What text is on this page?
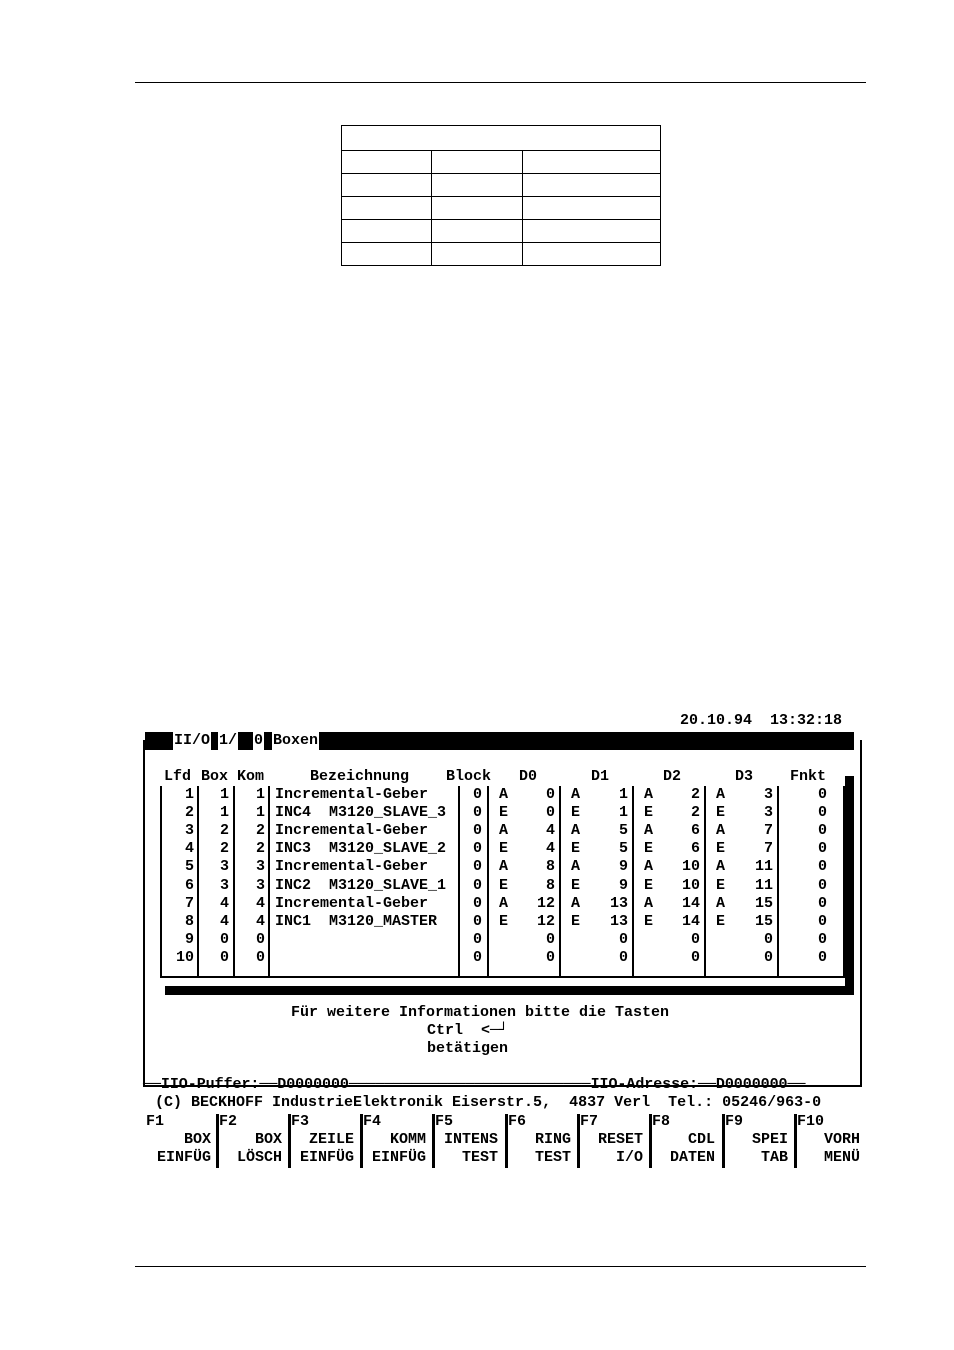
20.10.94 13:32:18
II/O 1/ 0 Boxen
Lfd Box Kom	Bezeichnung Block D0	D1	D2	D3 Fnkt
1	1	1 Incremental-Geber	0 A	0 A	1 A	2 A	3	0
2	1	1 INC4  M3120_SLAVE_3	0 E	0 E	1 E	2 E	3	0
3	2	2 Incremental-Geber	0 A	4 A	5 A	6 A	7	0
4	2	2 INC3  M3120_SLAVE_2	0 E	4 E	5 E	6 E	7	0
5	3	3 Incremental-Geber	0 A	8 A	9 A	10 A	11	0
6	3	3 INC2  M3120_SLAVE_1	0 E	8 E	9 E	10 E	11	0
7	4	4 Incremental-Geber	0 A	12 A	13 A	14 A	15	0
8	4	4 INC1  M3120_MASTER	0 E	12 E	13 E	14 E	15	0
9	0	0	0	0	0	0	0	0
10	0	0	0	0	0	0	0	0
Für weitere Informationen bitte die Tasten
Ctrl  <─┘
betätigen
──IIO-Puffer:──D0000000───────────────────────────IIO-Adresse:──D0000000──
(C) BECKHOFF IndustrieElektronik Eiserstr.5,  4837 Verl  Tel.: 05246/963-0
F1
BOX
EINFÜG
F2
BOX
LÖSCH
F3
ZEILE
EINFÜG
F4
KOMM
EINFÜG
F5
INTENS
TEST
F6
RING
TEST
F7
RESET
I/O
F8
CDL
DATEN
F9
SPEI
TAB
F10
VORH
MENÜ
